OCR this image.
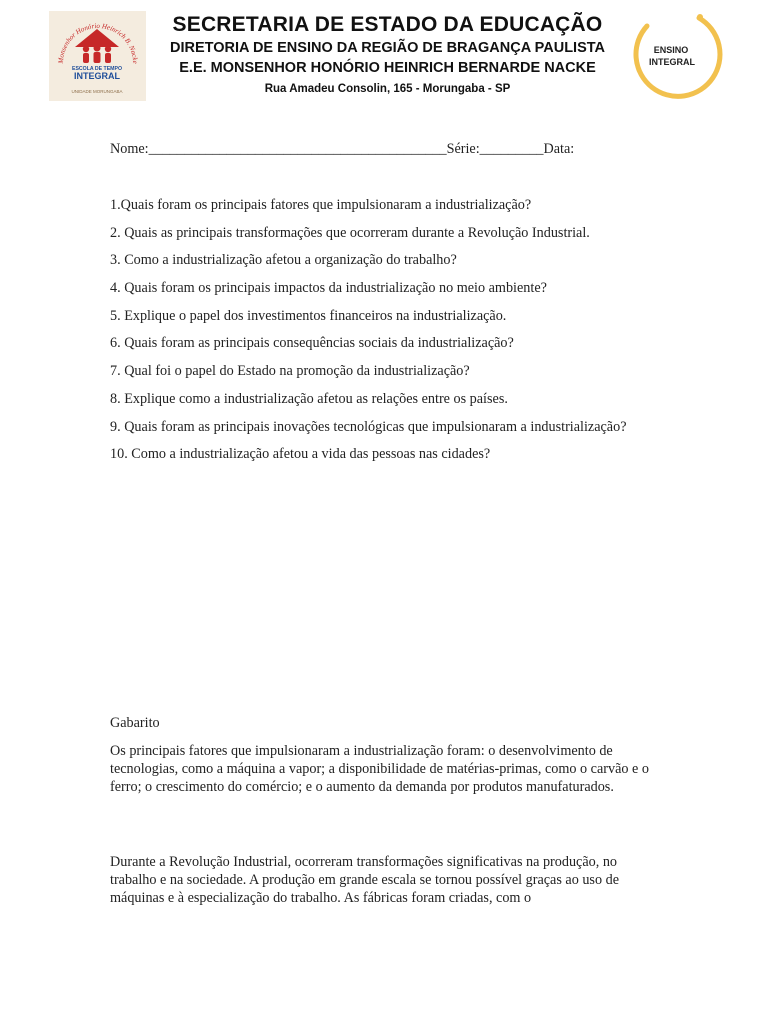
Monsenhor Honório Heinrich B. Nacke
ESCOLA DE TEMPO
INTEGRAL
UNIDADE MORUNGABA
SECRETARIA DE ESTADO DA EDUCAÇÃO
DIRETORIA DE ENSINO DA REGIÃO DE BRAGANÇA PAULISTA
E.E. MONSENHOR HONÓRIO HEINRICH BERNARDE NACKE
Rua Amadeu Consolin, 165 - Morungaba - SP
ENSINO
INTEGRAL
Nome:__________________________________________Série:_________Data:
1.Quais foram os principais fatores que impulsionaram a industrialização?
2. Quais as principais transformações que ocorreram durante a Revolução Industrial.
3. Como a industrialização afetou a organização do trabalho?
4. Quais foram os principais impactos da industrialização no meio ambiente?
5. Explique o papel dos investimentos financeiros na industrialização.
6. Quais foram as principais consequências sociais da industrialização?
7. Qual foi o papel do Estado na promoção da industrialização?
8. Explique como a industrialização afetou as relações entre os países.
9. Quais foram as principais inovações tecnológicas que impulsionaram a industrialização?
10. Como a industrialização afetou a vida das pessoas nas cidades?
Gabarito

Os principais fatores que impulsionaram a industrialização foram: o desenvolvimento de tecnologias, como a máquina a vapor; a disponibilidade de matérias-primas, como o carvão e o ferro; o crescimento do comércio; e o aumento da demanda por produtos manufaturados.

Durante a Revolução Industrial, ocorreram transformações significativas na produção, no trabalho e na sociedade. A produção em grande escala se tornou possível graças ao uso de máquinas e à especialização do trabalho. As fábricas foram criadas, com o
